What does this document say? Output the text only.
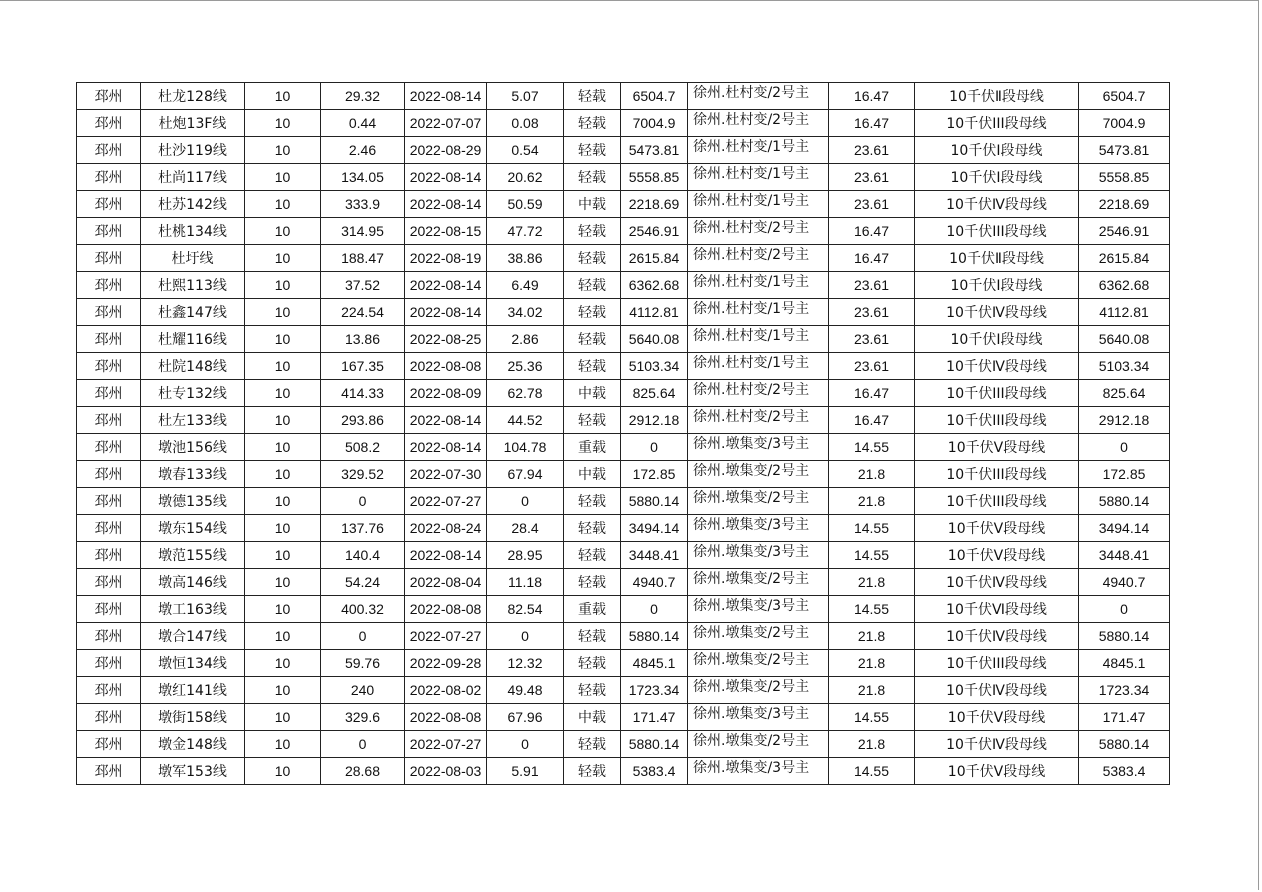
邳州	杜龙128线	10	29.32	2022-08-14	5.07	轻载	6504.7	徐州.杜村变/2号主	16.47	10千伏Ⅱ段母线	6504.7
邳州	杜炮13F线	10	0.44	2022-07-07	0.08	轻载	7004.9	徐州.杜村变/2号主	16.47	10千伏III段母线	7004.9
邳州	杜沙119线	10	2.46	2022-08-29	0.54	轻载	5473.81	徐州.杜村变/1号主	23.61	10千伏Ⅰ段母线	5473.81
邳州	杜尚117线	10	134.05	2022-08-14	20.62	轻载	5558.85	徐州.杜村变/1号主	23.61	10千伏Ⅰ段母线	5558.85
邳州	杜苏142线	10	333.9	2022-08-14	50.59	中载	2218.69	徐州.杜村变/1号主	23.61	10千伏Ⅳ段母线	2218.69
邳州	杜桃134线	10	314.95	2022-08-15	47.72	轻载	2546.91	徐州.杜村变/2号主	16.47	10千伏III段母线	2546.91
邳州	杜圩线	10	188.47	2022-08-19	38.86	轻载	2615.84	徐州.杜村变/2号主	16.47	10千伏Ⅱ段母线	2615.84
邳州	杜熙113线	10	37.52	2022-08-14	6.49	轻载	6362.68	徐州.杜村变/1号主	23.61	10千伏Ⅰ段母线	6362.68
邳州	杜鑫147线	10	224.54	2022-08-14	34.02	轻载	4112.81	徐州.杜村变/1号主	23.61	10千伏Ⅳ段母线	4112.81
邳州	杜耀116线	10	13.86	2022-08-25	2.86	轻载	5640.08	徐州.杜村变/1号主	23.61	10千伏Ⅰ段母线	5640.08
邳州	杜院148线	10	167.35	2022-08-08	25.36	轻载	5103.34	徐州.杜村变/1号主	23.61	10千伏Ⅳ段母线	5103.34
邳州	杜专132线	10	414.33	2022-08-09	62.78	中载	825.64	徐州.杜村变/2号主	16.47	10千伏III段母线	825.64
邳州	杜左133线	10	293.86	2022-08-14	44.52	轻载	2912.18	徐州.杜村变/2号主	16.47	10千伏III段母线	2912.18
邳州	墩池156线	10	508.2	2022-08-14	104.78	重载	0	徐州.墩集变/3号主	14.55	10千伏Ⅴ段母线	0
邳州	墩春133线	10	329.52	2022-07-30	67.94	中载	172.85	徐州.墩集变/2号主	21.8	10千伏III段母线	172.85
邳州	墩德135线	10	0	2022-07-27	0	轻载	5880.14	徐州.墩集变/2号主	21.8	10千伏III段母线	5880.14
邳州	墩东154线	10	137.76	2022-08-24	28.4	轻载	3494.14	徐州.墩集变/3号主	14.55	10千伏Ⅴ段母线	3494.14
邳州	墩范155线	10	140.4	2022-08-14	28.95	轻载	3448.41	徐州.墩集变/3号主	14.55	10千伏Ⅴ段母线	3448.41
邳州	墩高146线	10	54.24	2022-08-04	11.18	轻载	4940.7	徐州.墩集变/2号主	21.8	10千伏Ⅳ段母线	4940.7
邳州	墩工163线	10	400.32	2022-08-08	82.54	重载	0	徐州.墩集变/3号主	14.55	10千伏Ⅵ段母线	0
邳州	墩合147线	10	0	2022-07-27	0	轻载	5880.14	徐州.墩集变/2号主	21.8	10千伏Ⅳ段母线	5880.14
邳州	墩恒134线	10	59.76	2022-09-28	12.32	轻载	4845.1	徐州.墩集变/2号主	21.8	10千伏III段母线	4845.1
邳州	墩红141线	10	240	2022-08-02	49.48	轻载	1723.34	徐州.墩集变/2号主	21.8	10千伏Ⅳ段母线	1723.34
邳州	墩街158线	10	329.6	2022-08-08	67.96	中载	171.47	徐州.墩集变/3号主	14.55	10千伏Ⅴ段母线	171.47
邳州	墩金148线	10	0	2022-07-27	0	轻载	5880.14	徐州.墩集变/2号主	21.8	10千伏Ⅳ段母线	5880.14
邳州	墩军153线	10	28.68	2022-08-03	5.91	轻载	5383.4	徐州.墩集变/3号主	14.55	10千伏Ⅴ段母线	5383.4
